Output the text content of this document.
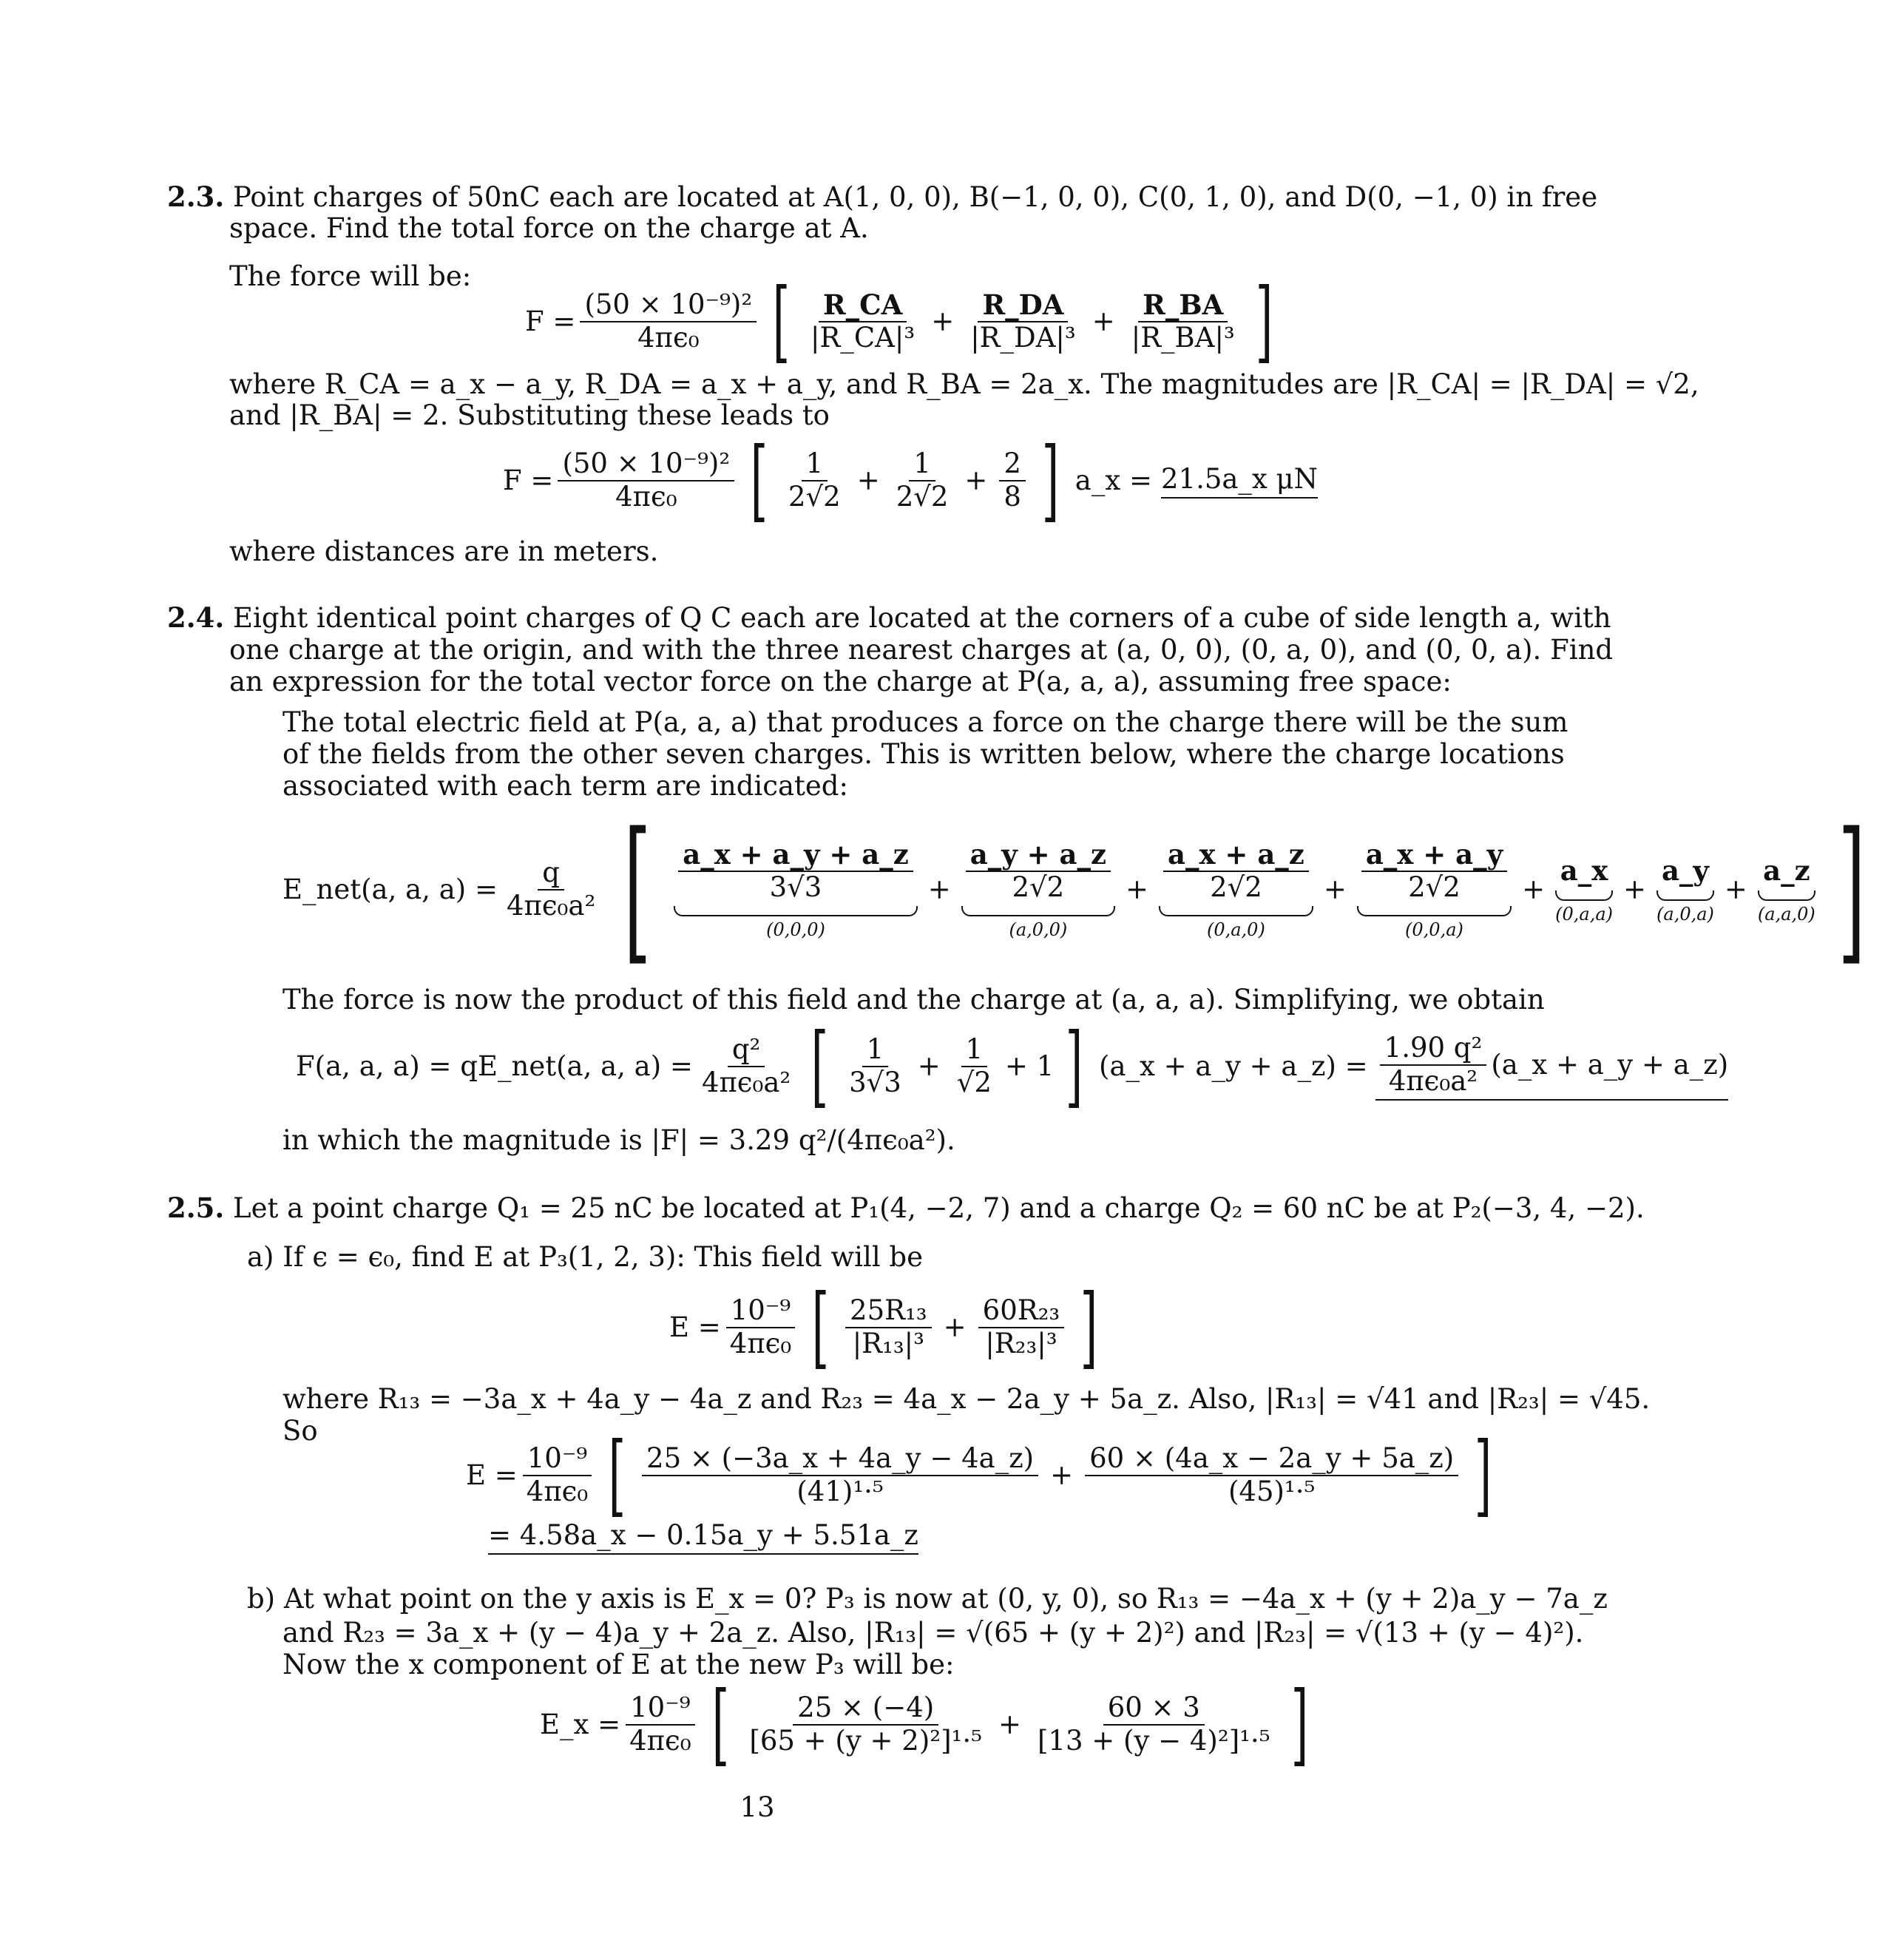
2.3. Point charges of 50nC each are located at A(1, 0, 0), B(−1, 0, 0), C(0, 1, 0), and D(0, −1, 0) in free
space. Find the total force on the charge at A.
The force will be:
$F = \frac{\text{(50 × 10⁻⁹)²}}{\text{4πϵ₀}}$ [ $\frac{R\_CA}{\text{|R\_CA|³}} + \frac{R\_DA}{\text{|R\_DA|³}} + \frac{R\_BA}{\text{|R\_BA|³}}$ ]
where R_CA = a_x − a_y, R_DA = a_x + a_y, and R_BA = 2a_x. The magnitudes are |R_CA| = |R_DA| = √2,
and |R_BA| = 2. Substituting these leads to
$F = \frac{\text{(50 × 10⁻⁹)²}}{\text{4πϵ₀}}$ [ $\frac{1}{2√2} + \frac{1}{2√2} + \frac{2}{8}$ ] a_x = 21.5a_x μN
where distances are in meters.
2.4. Eight identical point charges of Q C each are located at the corners of a cube of side length a, with
one charge at the origin, and with the three nearest charges at (a, 0, 0), (0, a, 0), and (0, 0, a). Find
an expression for the total vector force on the charge at P(a, a, a), assuming free space:
The total electric field at P(a, a, a) that produces a force on the charge there will be the sum
of the fields from the other seven charges. This is written below, where the charge locations
associated with each term are indicated:
E_net(a, a, $a) = \frac{q}{\text{4πϵ₀a²}}$ [ $\frac{a\_x + a\_y + a\_z}{3√3}$
(0,0,0)
+ $\frac{a\_y + a\_z}{2√2}$
(a,0,0)
+ $\frac{a\_x + a\_z}{2√2}$
(0,a,0)
+ $\frac{a\_x + a\_y}{2√2}$
(0,0,a)
+
a_x
(0,a,a)
+
a_y
(a,0,a)
+
a_z
(a,a,0) ]
The force is now the product of this field and the charge at (a, a, a). Simplifying, we obtain
F(a, a, a) = qE_net(a, a, $a) = \frac{\text{q²}}{\text{4πϵ₀a²}}$ [ $\frac{1}{3√3} + \frac{1}{√2} + 1$ ] (a_x + a_y + a_z) = $\frac{\text{1.90 q²}}{\text{4πϵ₀a²}}$ (a_x + a_y + a_z)
in which the magnitude is |F| = 3.29 q²/(4πϵ₀a²).
2.5. Let a point charge Q₁ = 25 nC be located at P₁(4, −2, 7) and a charge Q₂ = 60 nC be at P₂(−3, 4, −2).
a) If ϵ = ϵ₀, find E at P₃(1, 2, 3): This field will be
$E = \frac{\text{10⁻⁹}}{\text{4πϵ₀}}$ [ $\frac{\text{25R₁₃}}{\text{|R₁₃|³}} + \frac{\text{60R₂₃}}{\text{|R₂₃|³}}$ ]
where R₁₃ = −3a_x + 4a_y − 4a_z and R₂₃ = 4a_x − 2a_y + 5a_z. Also, |R₁₃| = √41 and |R₂₃| = √45.
So
$E = \frac{\text{10⁻⁹}}{\text{4πϵ₀}}$ [ $\frac{25 \times (-3a\_x + 4a\_y - 4a\_z)}{\text{(41)¹·⁵}} + \frac{60 \times (4a\_x - 2a\_y + 5a\_z)}{\text{(45)¹·⁵}}$ ]
= 4.58a_x − 0.15a_y + 5.51a_z
b) At what point on the y axis is E_x = 0? P₃ is now at (0, y, 0), so R₁₃ = −4a_x + (y + 2)a_y − 7a_z
and R₂₃ = 3a_x + (y − 4)a_y + 2a_z. Also, |R₁₃| = √(65 + (y + 2)²) and |R₂₃| = √(13 + (y − 4)²).
Now the x component of E at the new P₃ will be:
E_x = $\frac{\text{10⁻⁹}}{\text{4πϵ₀}}$ [ $\frac{25 \times (-4)}{\text{[65 + (y + 2)²]¹·⁵}} + \frac{60 \times 3}{\text{[13 + (y − 4)²]¹·⁵}}$ ]
13
